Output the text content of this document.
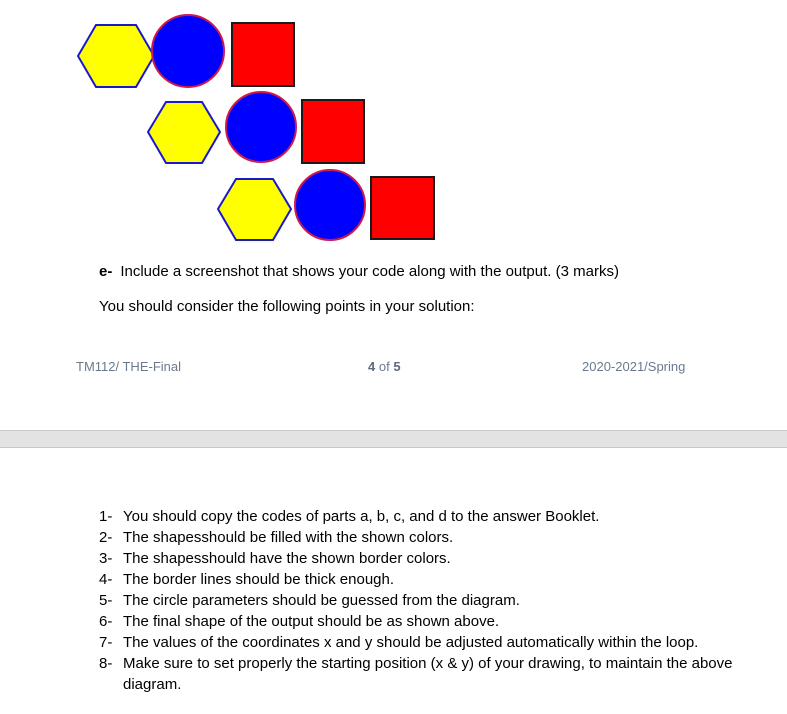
e- Include a screenshot that shows your code along with the output. (3 marks)
You should consider the following points in your solution:
TM112/ THE-Final	4 of 5	2020-2021/Spring
1- You should copy the codes of parts a, b, c, and d to the answer Booklet.
2- The shapesshould be filled with the shown colors.
3- The shapesshould have the shown border colors.
4- The border lines should be thick enough.
5- The circle parameters should be guessed from the diagram.
6- The final shape of the output should be as shown above.
7- The values of the coordinates x and y should be adjusted automatically within the loop.
8- Make sure to set properly the starting position (x & y) of your drawing, to maintain the above diagram.
